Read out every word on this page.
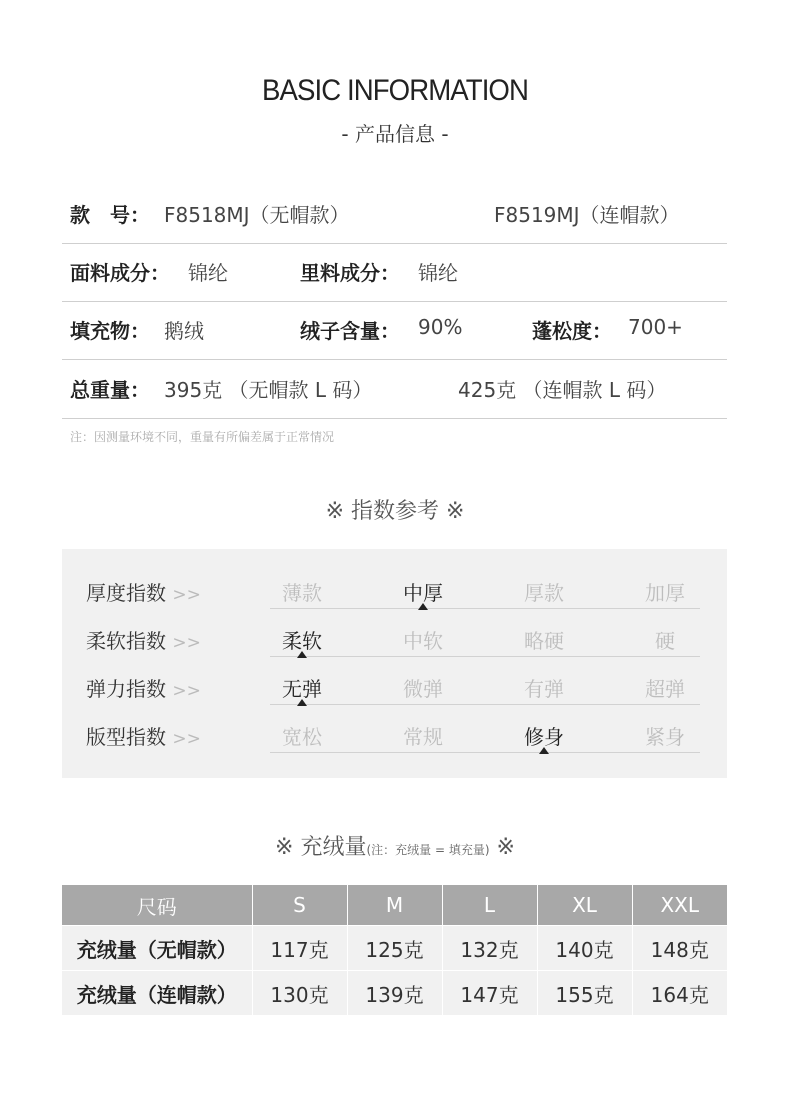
BASIC INFORMATION
- 产品信息 -
款　号： F8518MJ（无帽款）	F8519MJ（连帽款）
面料成分： 锦纶	里料成分： 锦纶
填充物： 鹅绒	绒子含量： 90%	蓬松度： 700+
总重量： 395克 （无帽款 L 码）	425克 （连帽款 L 码）
注：因测量环境不同，重量有所偏差属于正常情况
※ 指数参考 ※
厚度指数 >>	薄款	中厚	厚款	加厚
柔软指数 >>	柔软	中软	略硬	硬
弹力指数 >>	无弹	微弹	有弹	超弹
版型指数 >>	宽松	常规	修身	紧身
※ 充绒量(注：充绒量 = 填充量) ※
尺码	S	M	L	XL	XXL
充绒量（无帽款）	117克	125克	132克	140克	148克
充绒量（连帽款）	130克	139克	147克	155克	164克
